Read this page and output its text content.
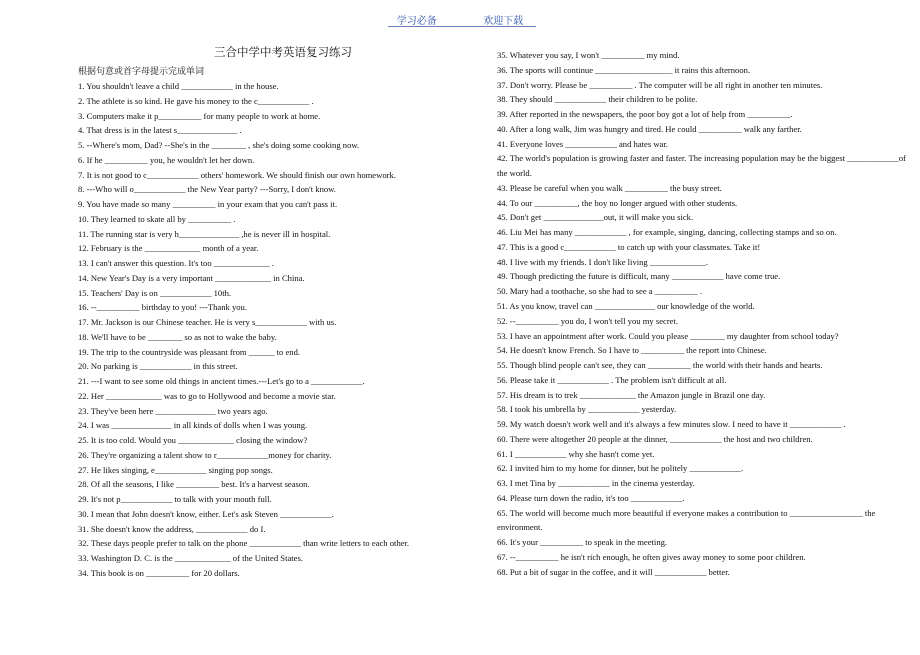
学习必备	欢迎下载
三合中学中考英语复习练习
根据句意或首字母提示完成单词
1. You shouldn't leave a child ____________ in the house.
2. The athlete is so kind. He gave his money to the c____________ .
3. Computers make it p__________ for many people to work at home.
4. That dress is in the latest s______________ .
5. --Where's mom, Dad? --She's in the ________ , she's doing some cooking now.
6. If he __________ you, he wouldn't let her down.
7. It is not good to c____________ others' homework. We should finish our own homework.
8. ---Who will o____________ the New Year party? ---Sorry, I don't know.
9. You have made so many __________ in your exam that you can't pass it.
10. They learned to skate all by __________ .
11. The running star is very h______________ ,he is never ill in hospital.
12. February is the _____________ month of a year.
13. I can't answer this question. It's too _____________ .
14. New Year's Day is a very important _____________ in China.
15. Teachers' Day is on ____________ 10th.
16. --__________ birthday to you! ---Thank you.
17. Mr. Jackson is our Chinese teacher. He is very s____________ with us.
18. We'll have to be ________ so as not to wake the baby.
19. The trip to the countryside was pleasant from ______ to end.
20. No parking is ____________ in this street.
21. ---I want to see some old things in ancient times.---Let's go to a ____________.
22. Her _____________ was to go to Hollywood and become a movie star.
23. They've been here ______________ two years ago.
24. I was ______________ in all kinds of dolls when I was young.
25. It is too cold. Would you _____________ closing the window?
26. They're organizing a talent show to r____________money for charity.
27. He likes singing, e____________ singing pop songs.
28. Of all the seasons, I like __________ best. It's a harvest season.
29. It's not p____________ to talk with your mouth full.
30. I mean that John doesn't know, either. Let's ask Steven ____________.
31. She doesn't know the address, ____________ do I.
32. These days people prefer to talk on the phone ____________ than write letters to each other.
33. Washington D. C. is the _____________ of the United States.
34. This book is on __________ for 20 dollars.
35. Whatever you say, I won't __________ my mind.
36. The sports will continue __________________ it rains this afternoon.
37. Don't worry. Please be __________ . The computer will be all right in another ten minutes.
38. They should ____________ their children to be polite.
39. After reported in the newspapers, the poor boy got a lot of help from __________.
40. After a long walk, Jim was hungry and tired. He could __________ walk any farther.
41. Everyone loves ____________ and hates war.
42. The world's population is growing faster and faster. The increasing population may be the biggest ____________of the world.
43. Please be careful when you walk __________ the busy street.
44. To our __________, the boy no longer argued with other students.
45. Don't get ______________out, it will make you sick.
46. Liu Mei has many ____________ , for example, singing, dancing, collecting stamps and so on.
47. This is a good c____________ to catch up with your classmates. Take it!
48. I live with my friends. I don't like living _____________.
49. Though predicting the future is difficult, many ____________ have come true.
50. Mary had a toothache, so she had to see a __________ .
51. As you know, travel can ______________ our knowledge of the world.
52. --__________ you do, I won't tell you my secret.
53. I have an appointment after work. Could you please ________ my daughter from school today?
54. He doesn't know French. So I have to __________ the report into Chinese.
55. Though blind people can't see, they can __________ the world with their hands and hearts.
56. Please take it ____________ . The problem isn't difficult at all.
57. His dream is to trek _____________ the Amazon jungle in Brazil one day.
58. I took his umbrella by ____________ yesterday.
59. My watch doesn't work well and it's always a few minutes slow. I need to have it ____________ .
60. There were altogether 20 people at the dinner, ____________ the host and two children.
61. I ____________ why she hasn't come yet.
62. I invited him to my home for dinner, but he politely ____________.
63. I met Tina by ____________ in the cinema yesterday.
64. Please turn down the radio, it's too ____________.
65. The world will become much more beautiful if everyone makes a contribution to _________________ the environment.
66. It's your __________ to speak in the meeting.
67. --__________ he isn't rich enough, he often gives away money to some poor children.
68. Put a bit of sugar in the coffee, and it will ____________ better.
